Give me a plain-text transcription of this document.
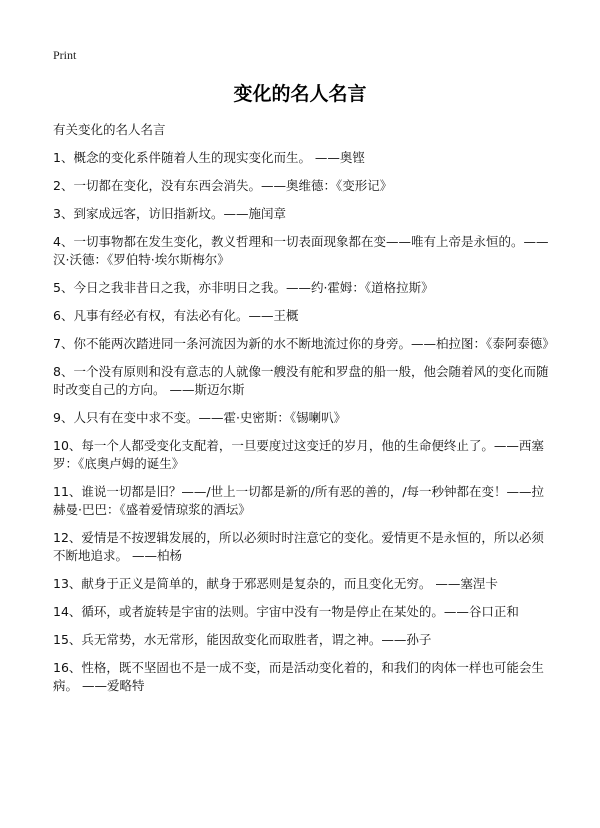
Print
变化的名人名言

有关变化的名人名言

1、概念的变化系伴随着人生的现实变化而生。 ——奥铿
2、一切都在变化，没有东西会消失。——奥维德：《变形记》
3、到家成远客，访旧指新坟。——施闰章
4、一切事物都在发生变化，教义哲理和一切表面现象都在变——唯有上帝是永恒的。——汉·沃德：《罗伯特·埃尔斯梅尔》
5、今日之我非昔日之我，亦非明日之我。——约·霍姆：《道格拉斯》
6、凡事有经必有权，有法必有化。——王概
7、你不能两次踏进同一条河流因为新的水不断地流过你的身旁。——柏拉图：《泰阿泰德》
8、一个没有原则和没有意志的人就像一艘没有舵和罗盘的船一般，他会随着风的变化而随时改变自己的方向。 ——斯迈尔斯
9、人只有在变中求不变。——霍·史密斯：《锡喇叭》
10、每一个人都受变化支配着，一旦要度过这变迁的岁月，他的生命便终止了。——西塞罗：《底奥卢姆的诞生》
11、谁说一切都是旧？——/世上一切都是新的/所有恶的善的，/每一秒钟都在变！——拉赫曼·巴巴：《盛着爱情琼浆的酒坛》
12、爱情是不按逻辑发展的，所以必须时时注意它的变化。爱情更不是永恒的，所以必须不断地追求。 ——柏杨
13、献身于正义是简单的，献身于邪恶则是复杂的，而且变化无穷。 ——塞涅卡
14、循环，或者旋转是宇宙的法则。宇宙中没有一物是停止在某处的。——谷口正和
15、兵无常势，水无常形，能因敌变化而取胜者，谓之神。——孙子
16、性格，既不坚固也不是一成不变，而是活动变化着的，和我们的肉体一样也可能会生病。 ——爱略特
